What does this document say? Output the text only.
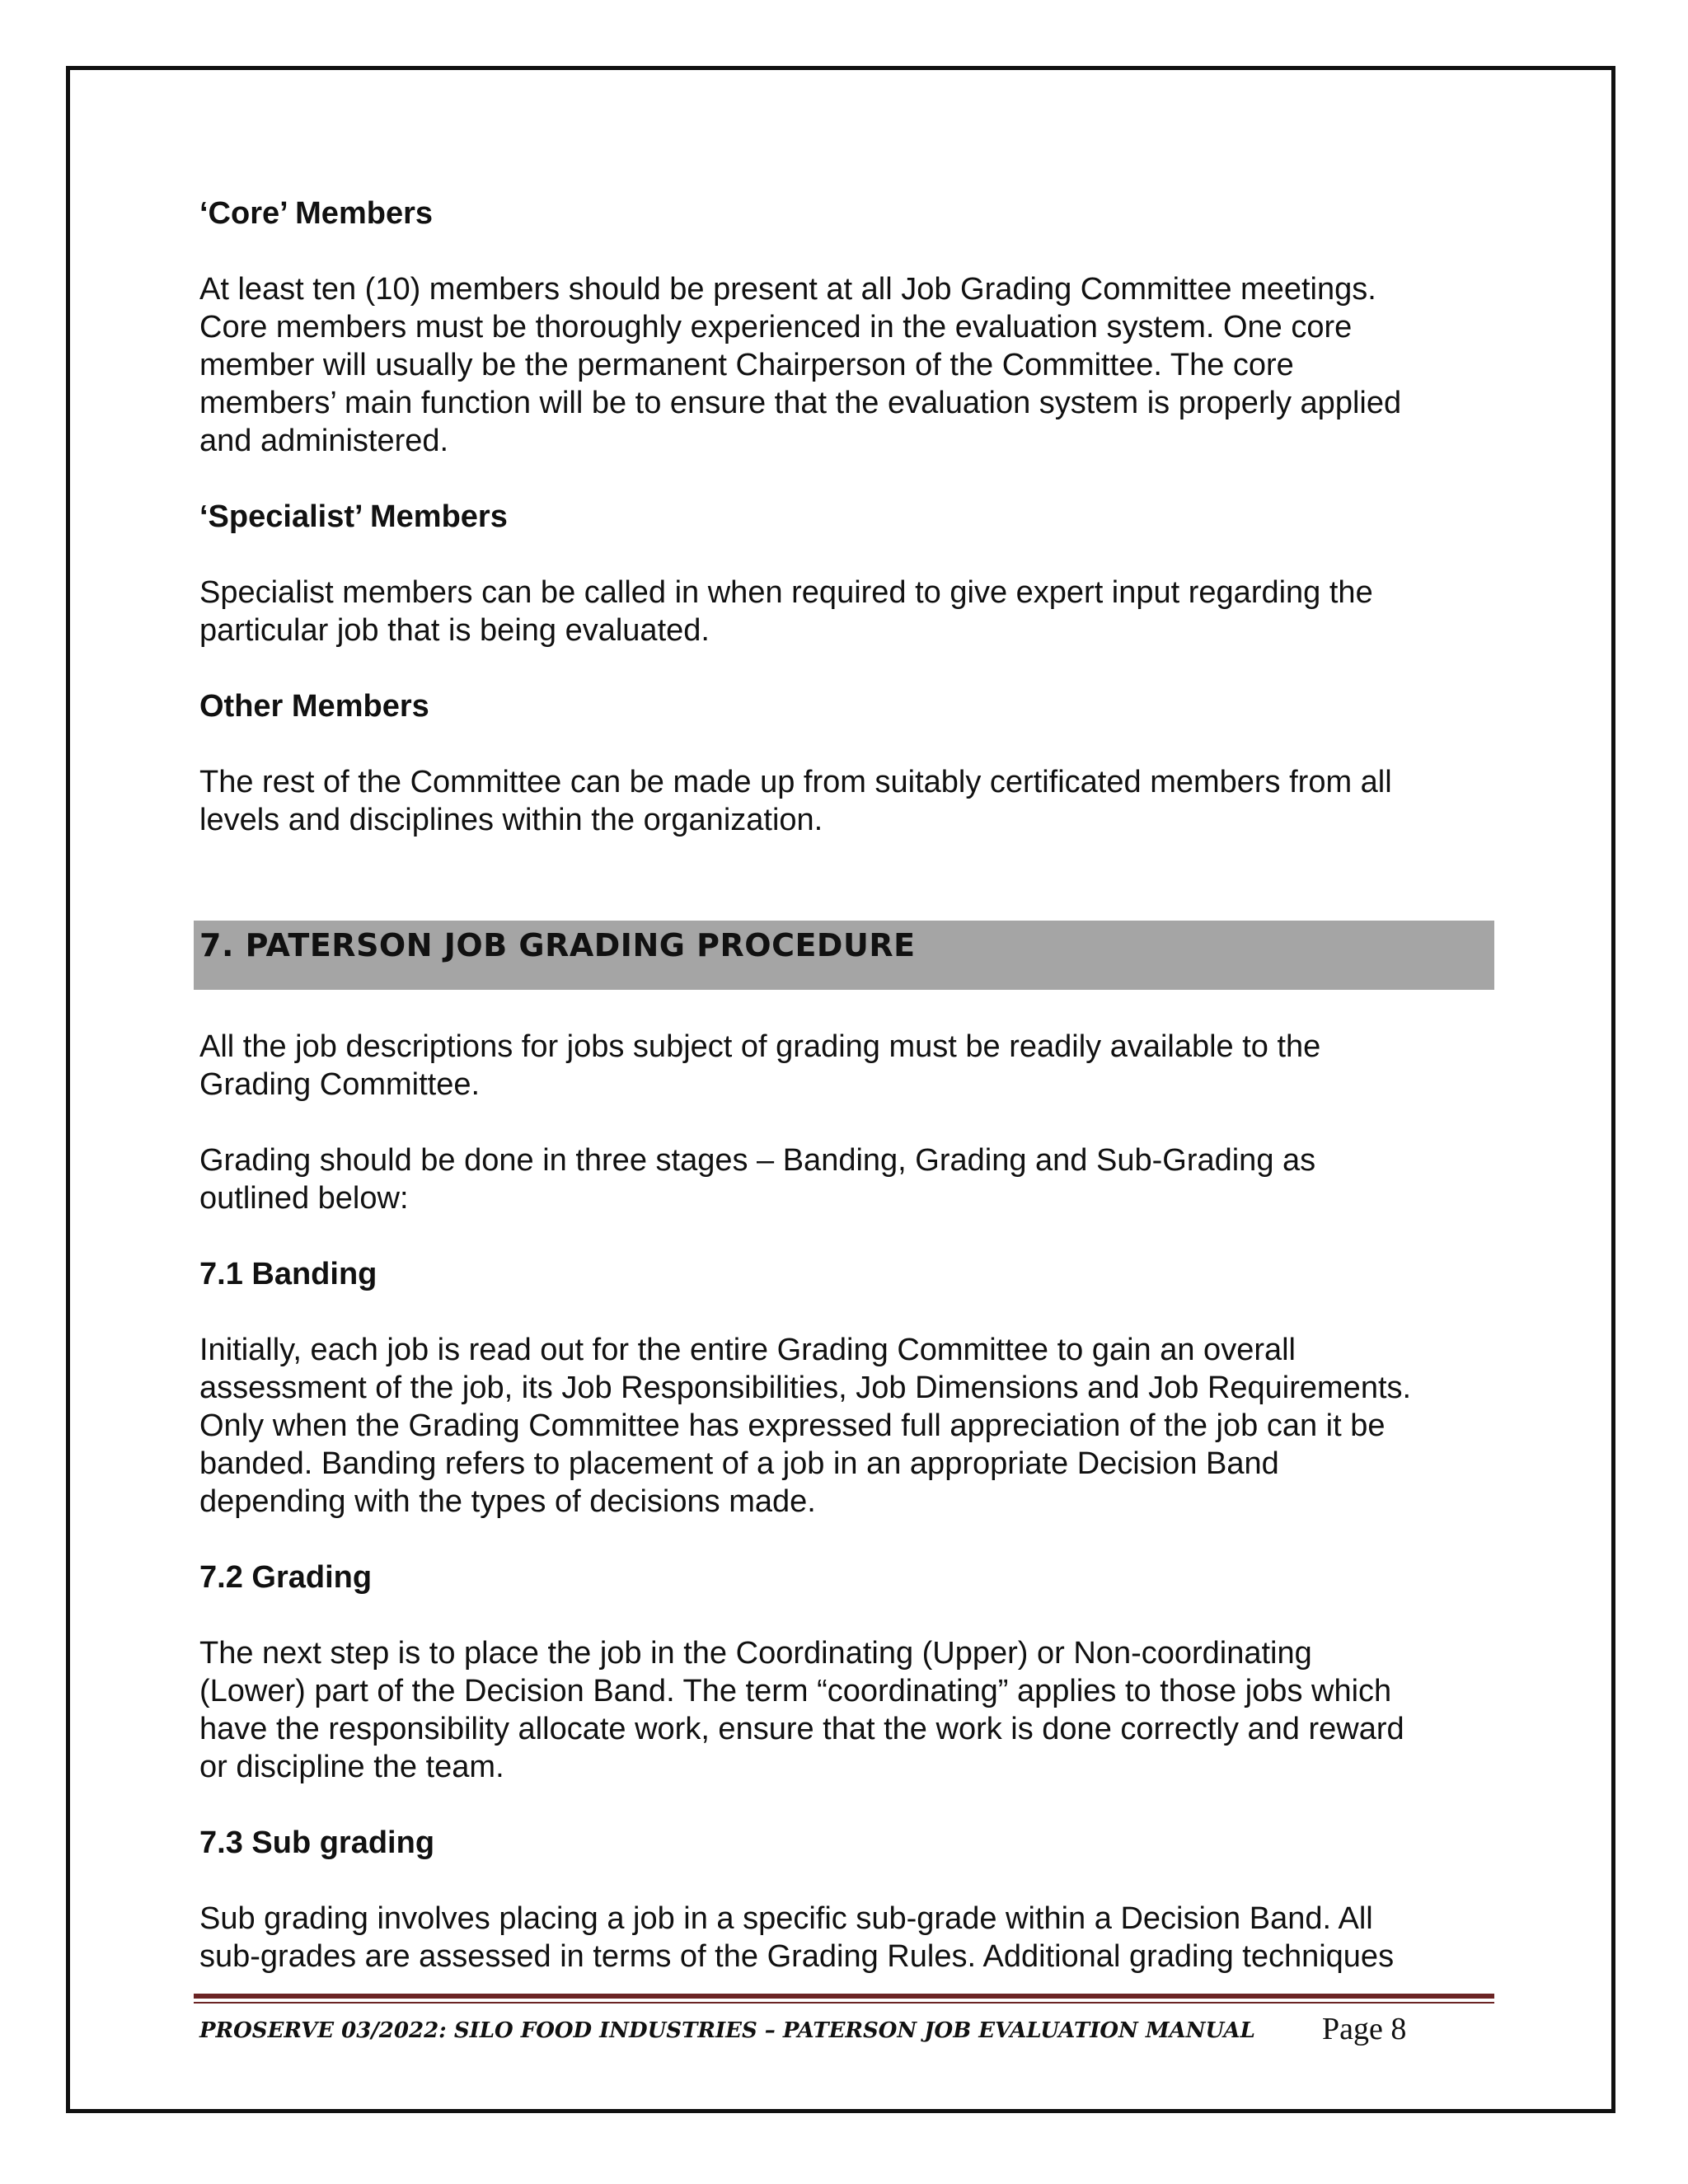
‘Core’ Members

At least ten (10) members should be present at all Job Grading Committee meetings.
Core members must be thoroughly experienced in the evaluation system. One core
member will usually be the permanent Chairperson of the Committee. The core
members’ main function will be to ensure that the evaluation system is properly applied
and administered.

‘Specialist’ Members

Specialist members can be called in when required to give expert input regarding the
particular job that is being evaluated.

Other Members

The rest of the Committee can be made up from suitably certificated members from all
levels and disciplines within the organization.

7. PATERSON JOB GRADING PROCEDURE

All the job descriptions for jobs subject of grading must be readily available to the
Grading Committee.

Grading should be done in three stages – Banding, Grading and Sub-Grading as
outlined below:

7.1 Banding

Initially, each job is read out for the entire Grading Committee to gain an overall
assessment of the job, its Job Responsibilities, Job Dimensions and Job Requirements.
Only when the Grading Committee has expressed full appreciation of the job can it be
banded. Banding refers to placement of a job in an appropriate Decision Band
depending with the types of decisions made.

7.2 Grading

The next step is to place the job in the Coordinating (Upper) or Non-coordinating
(Lower) part of the Decision Band. The term “coordinating” applies to those jobs which
have the responsibility allocate work, ensure that the work is done correctly and reward
or discipline the team.

7.3 Sub grading

Sub grading involves placing a job in a specific sub-grade within a Decision Band. All
sub-grades are assessed in terms of the Grading Rules. Additional grading techniques

PROSERVE 03/2022: SILO FOOD INDUSTRIES – PATERSON JOB EVALUATION MANUAL Page 8
